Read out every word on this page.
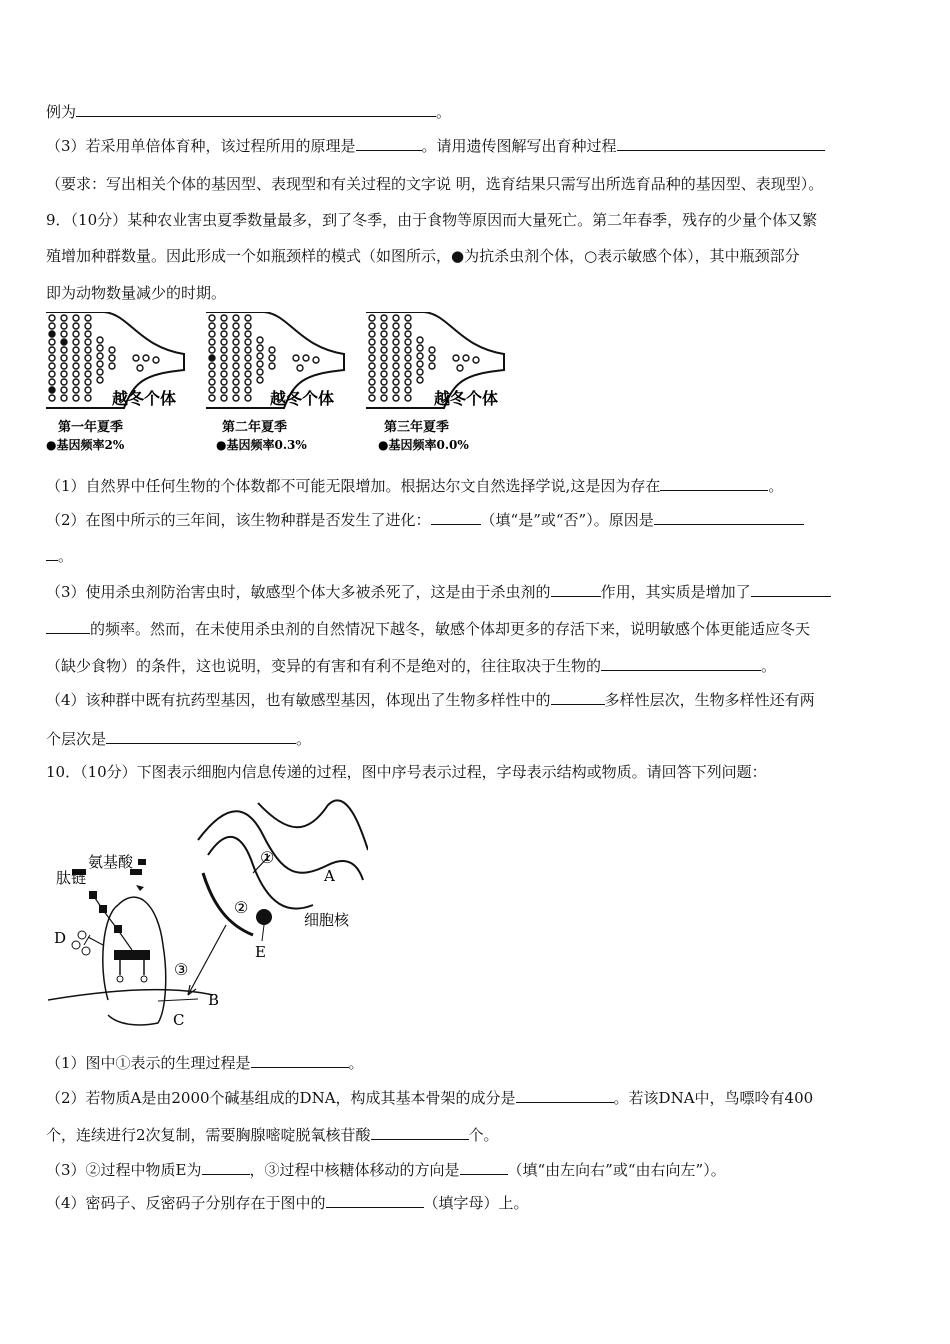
例为	。
（3）若采用单倍体育种，该过程所用的原理是	。请用遗传图解写出育种过程
（要求：写出相关个体的基因型、表现型和有关过程的文字说 明，选育结果只需写出所选育品种的基因型、表现型）。
9．（10分）某种农业害虫夏季数量最多，到了冬季，由于食物等原因而大量死亡。第二年春季，残存的少量个体又繁
殖增加种群数量。因此形成一个如瓶颈样的模式（如图所示，●为抗杀虫剂个体，○表示敏感个体），其中瓶颈部分
即为动物数量减少的时期。
越冬个体	越冬个体	越冬个体
第一年夏季
●基因频率2%
第二年夏季
●基因频率0.3%
第三年夏季
●基因频率0.0%
（1）自然界中任何生物的个体数都不可能无限增加。根据达尔文自然选择学说,这是因为存在	。
（2）在图中所示的三年间，该生物种群是否发生了进化：	（填“是”或“否”）。原因是
。
（3）使用杀虫剂防治害虫时，敏感型个体大多被杀死了，这是由于杀虫剂的	作用，其实质是增加了
的频率。然而，在未使用杀虫剂的自然情况下越冬，敏感个体却更多的存活下来，说明敏感个体更能适应冬天
（缺少食物）的条件，这也说明，变异的有害和有利不是绝对的，往往取决于生物的	。
（4）该种群中既有抗药型基因，也有敏感型基因，体现出了生物多样性中的	多样性层次，生物多样性还有两
个层次是	。
10．（10分）下图表示细胞内信息传递的过程，图中序号表示过程，字母表示结构或物质。请回答下列问题：
①
②
E
A
细胞核
B
C
③
氨基酸
肽链
D
（1）图中①表示的生理过程是	。
（2）若物质A是由2000个碱基组成的DNA，构成其基本骨架的成分是	。若该DNA中，鸟嘌呤有400
个，连续进行2次复制，需要胸腺嘧啶脱氧核苷酸	个。
（3）②过程中物质E为	，③过程中核糖体移动的方向是	（填“由左向右”或“由右向左”）。
（4）密码子、反密码子分别存在于图中的	（填字母）上。
